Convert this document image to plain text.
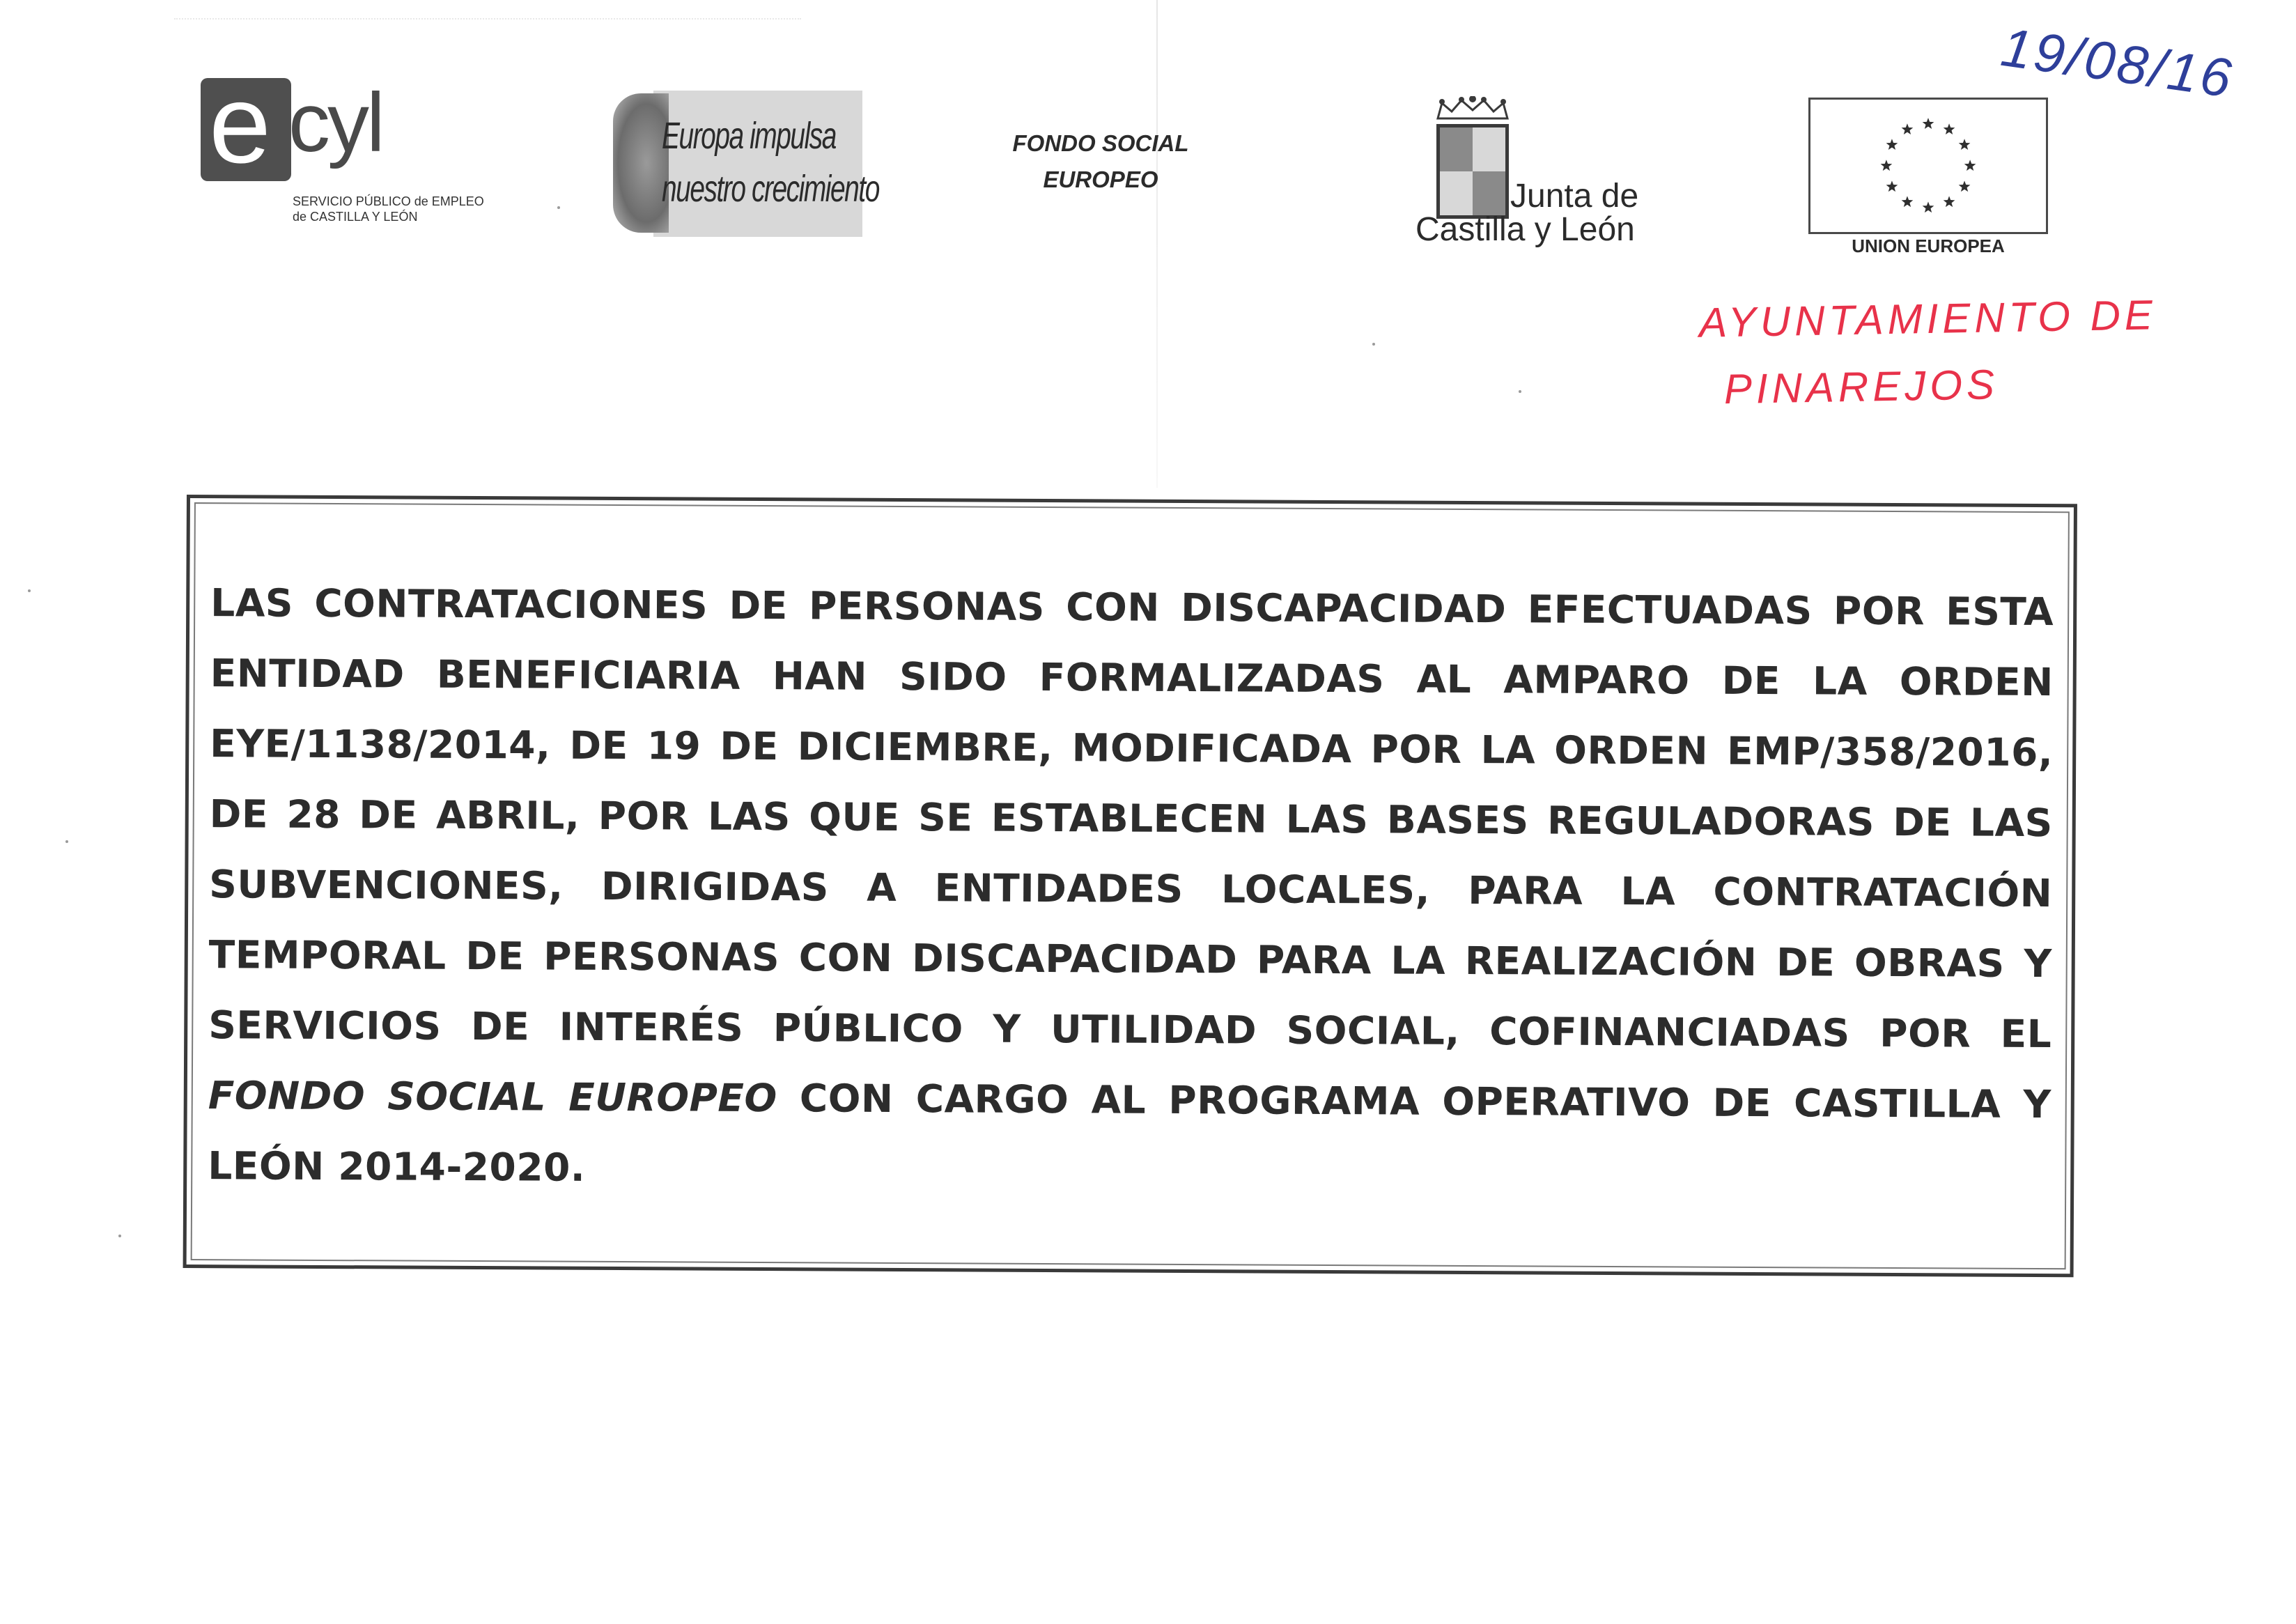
e cyl
SERVICIO PÚBLICO de EMPLEO
de CASTILLA Y LEÓN
Europa impulsa
nuestro crecimiento
FONDO SOCIAL
EUROPEO	Junta de
Castilla y León	UNION EUROPEA
19/08/16
AYUNTAMIENTO DE
PINAREJOS
LAS CONTRATACIONES DE PERSONAS CON DISCAPACIDAD EFECTUADAS POR ESTA ENTIDAD BENEFICIARIA HAN SIDO FORMALIZADAS AL AMPARO DE LA ORDEN EYE/1138/2014, DE 19 DE DICIEMBRE, MODIFICADA POR LA ORDEN EMP/358/2016, DE 28 DE ABRIL, POR LAS QUE SE ESTABLECEN LAS BASES REGULADORAS DE LAS SUBVENCIONES, DIRIGIDAS A ENTIDADES LOCALES, PARA LA CONTRATACIÓN TEMPORAL DE PERSONAS CON DISCAPACIDAD PARA LA REALIZACIÓN DE OBRAS Y SERVICIOS DE INTERÉS PÚBLICO Y UTILIDAD SOCIAL, COFINANCIADAS POR EL FONDO SOCIAL EUROPEO CON CARGO AL PROGRAMA OPERATIVO DE CASTILLA Y LEÓN 2014-2020.
